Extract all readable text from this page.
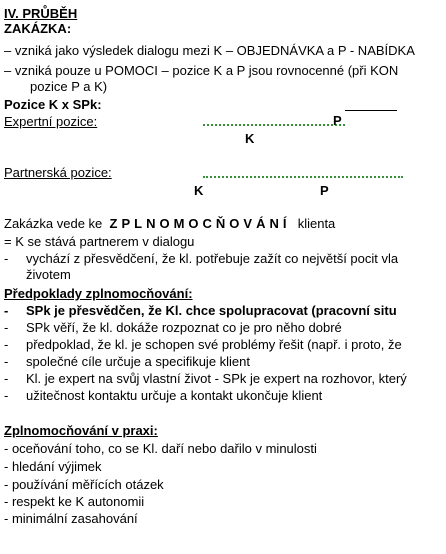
IV. PRŮBĚH
ZAKÁZKA:
– vzniká jako výsledek dialogu mezi K – OBJEDNÁVKA a P - NABÍDKA
– vzniká pouze u POMOCI – pozice K a P jsou rovnocenné (při KON
pozice P a K)
Pozice K x SPk:
Expertní pozice:	P
K
Partnerská pozice:
K	P
Zakázka vede ke ZPLNOMOCŇOVÁNÍ klienta
= K se stává partnerem v dialogu
- vychází z přesvědčení, že kl. potřebuje zažít co největší pocit vla
životem
Předpoklady zplnomocňování:
- SPk je přesvědčen, že Kl. chce spolupracovat (pracovní situ
- SPk věří, že kl. dokáže rozpoznat co je pro něho dobré
- předpoklad, že kl. je schopen své problémy řešit (např. i proto, že
- společné cíle určuje a specifikuje klient
- Kl. je expert na svůj vlastní život - SPk je expert na rozhovor, který
- užitečnost kontaktu určuje a kontakt ukončuje klient
Zplnomocňování v praxi:
- oceňování toho, co se Kl. daří nebo dařilo v minulosti
- hledání výjimek
- používání měřících otázek
- respekt ke K autonomii
- minimální zasahování
